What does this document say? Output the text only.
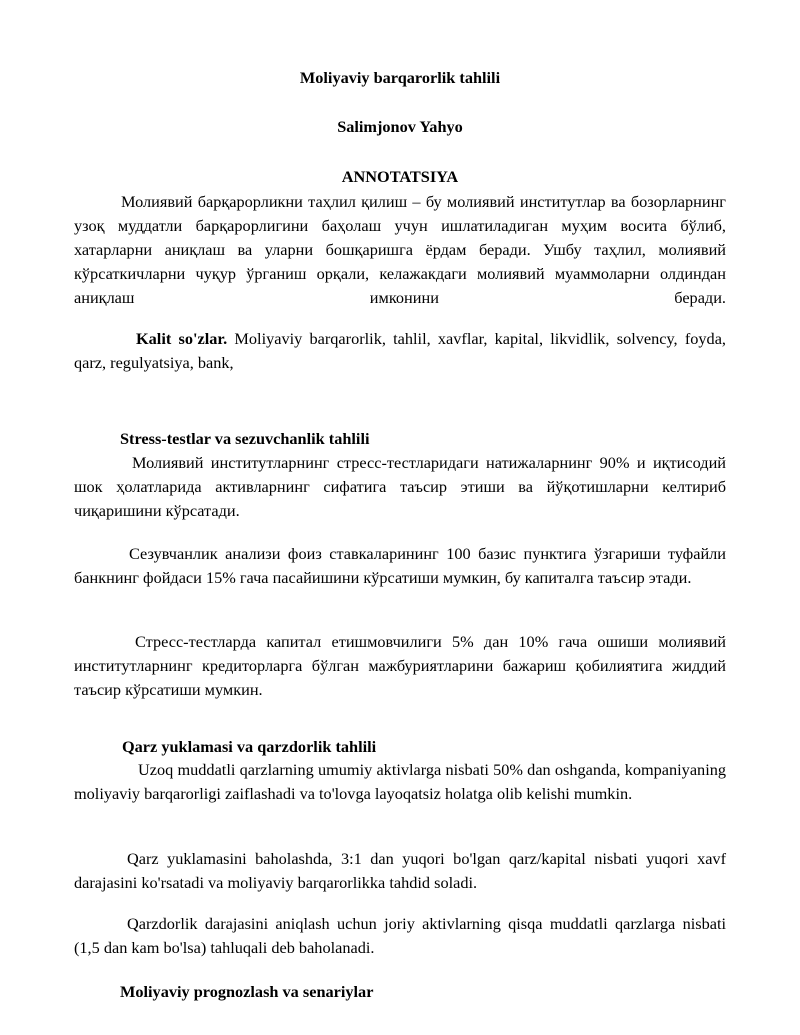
Moliyaviy barqarorlik tahlili
Salimjonov Yahyo
ANNOTATSIYA
Молиявий барқарорликни таҳлил қилиш – бу молиявий институтлар ва бозорларнинг узоқ муддатли барқарорлигини баҳолаш учун ишлатиладиган муҳим восита бўлиб, хатарларни аниқлаш ва уларни бошқаришга ёрдам беради. Ушбу таҳлил, молиявий кўрсаткичларни чуқур ўрганиш орқали, келажакдаги молиявий муаммоларни олдиндан аниқлаш имконини беради.
Kalit so'zlar. Moliyaviy barqarorlik, tahlil, xavflar, kapital, likvidlik, solvency, foyda, qarz, regulyatsiya, bank,
Stress-testlar va sezuvchanlik tahlili
Молиявий институтларнинг стресс-тестларидаги натижаларнинг 90% и иқтисодий шок ҳолатларида активларнинг сифатига таъсир этиши ва йўқотишларни келтириб чиқаришини кўрсатади.
Сезувчанлик анализи фоиз ставкаларининг 100 базис пунктига ўзгариши туфайли банкнинг фойдаси 15% гача пасайишини кўрсатиши мумкин, бу капиталга таъсир этади.
Стресс-тестларда капитал етишмовчилиги 5% дан 10% гача ошиши молиявий институтларнинг кредиторларга бўлган мажбуриятларини бажариш қобилиятига жиддий таъсир кўрсатиши мумкин.
Qarz yuklamasi va qarzdorlik tahlili
Uzoq muddatli qarzlarning umumiy aktivlarga nisbati 50% dan oshganda, kompaniyaning moliyaviy barqarorligi zaiflashadi va to'lovga layoqatsiz holatga olib kelishi mumkin.
Qarz yuklamasini baholashda, 3:1 dan yuqori bo'lgan qarz/kapital nisbati yuqori xavf darajasini ko'rsatadi va moliyaviy barqarorlikka tahdid soladi.
Qarzdorlik darajasini aniqlash uchun joriy aktivlarning qisqa muddatli qarzlarga nisbati (1,5 dan kam bo'lsa) tahluqali deb baholanadi.
Moliyaviy prognozlash va senariylar
